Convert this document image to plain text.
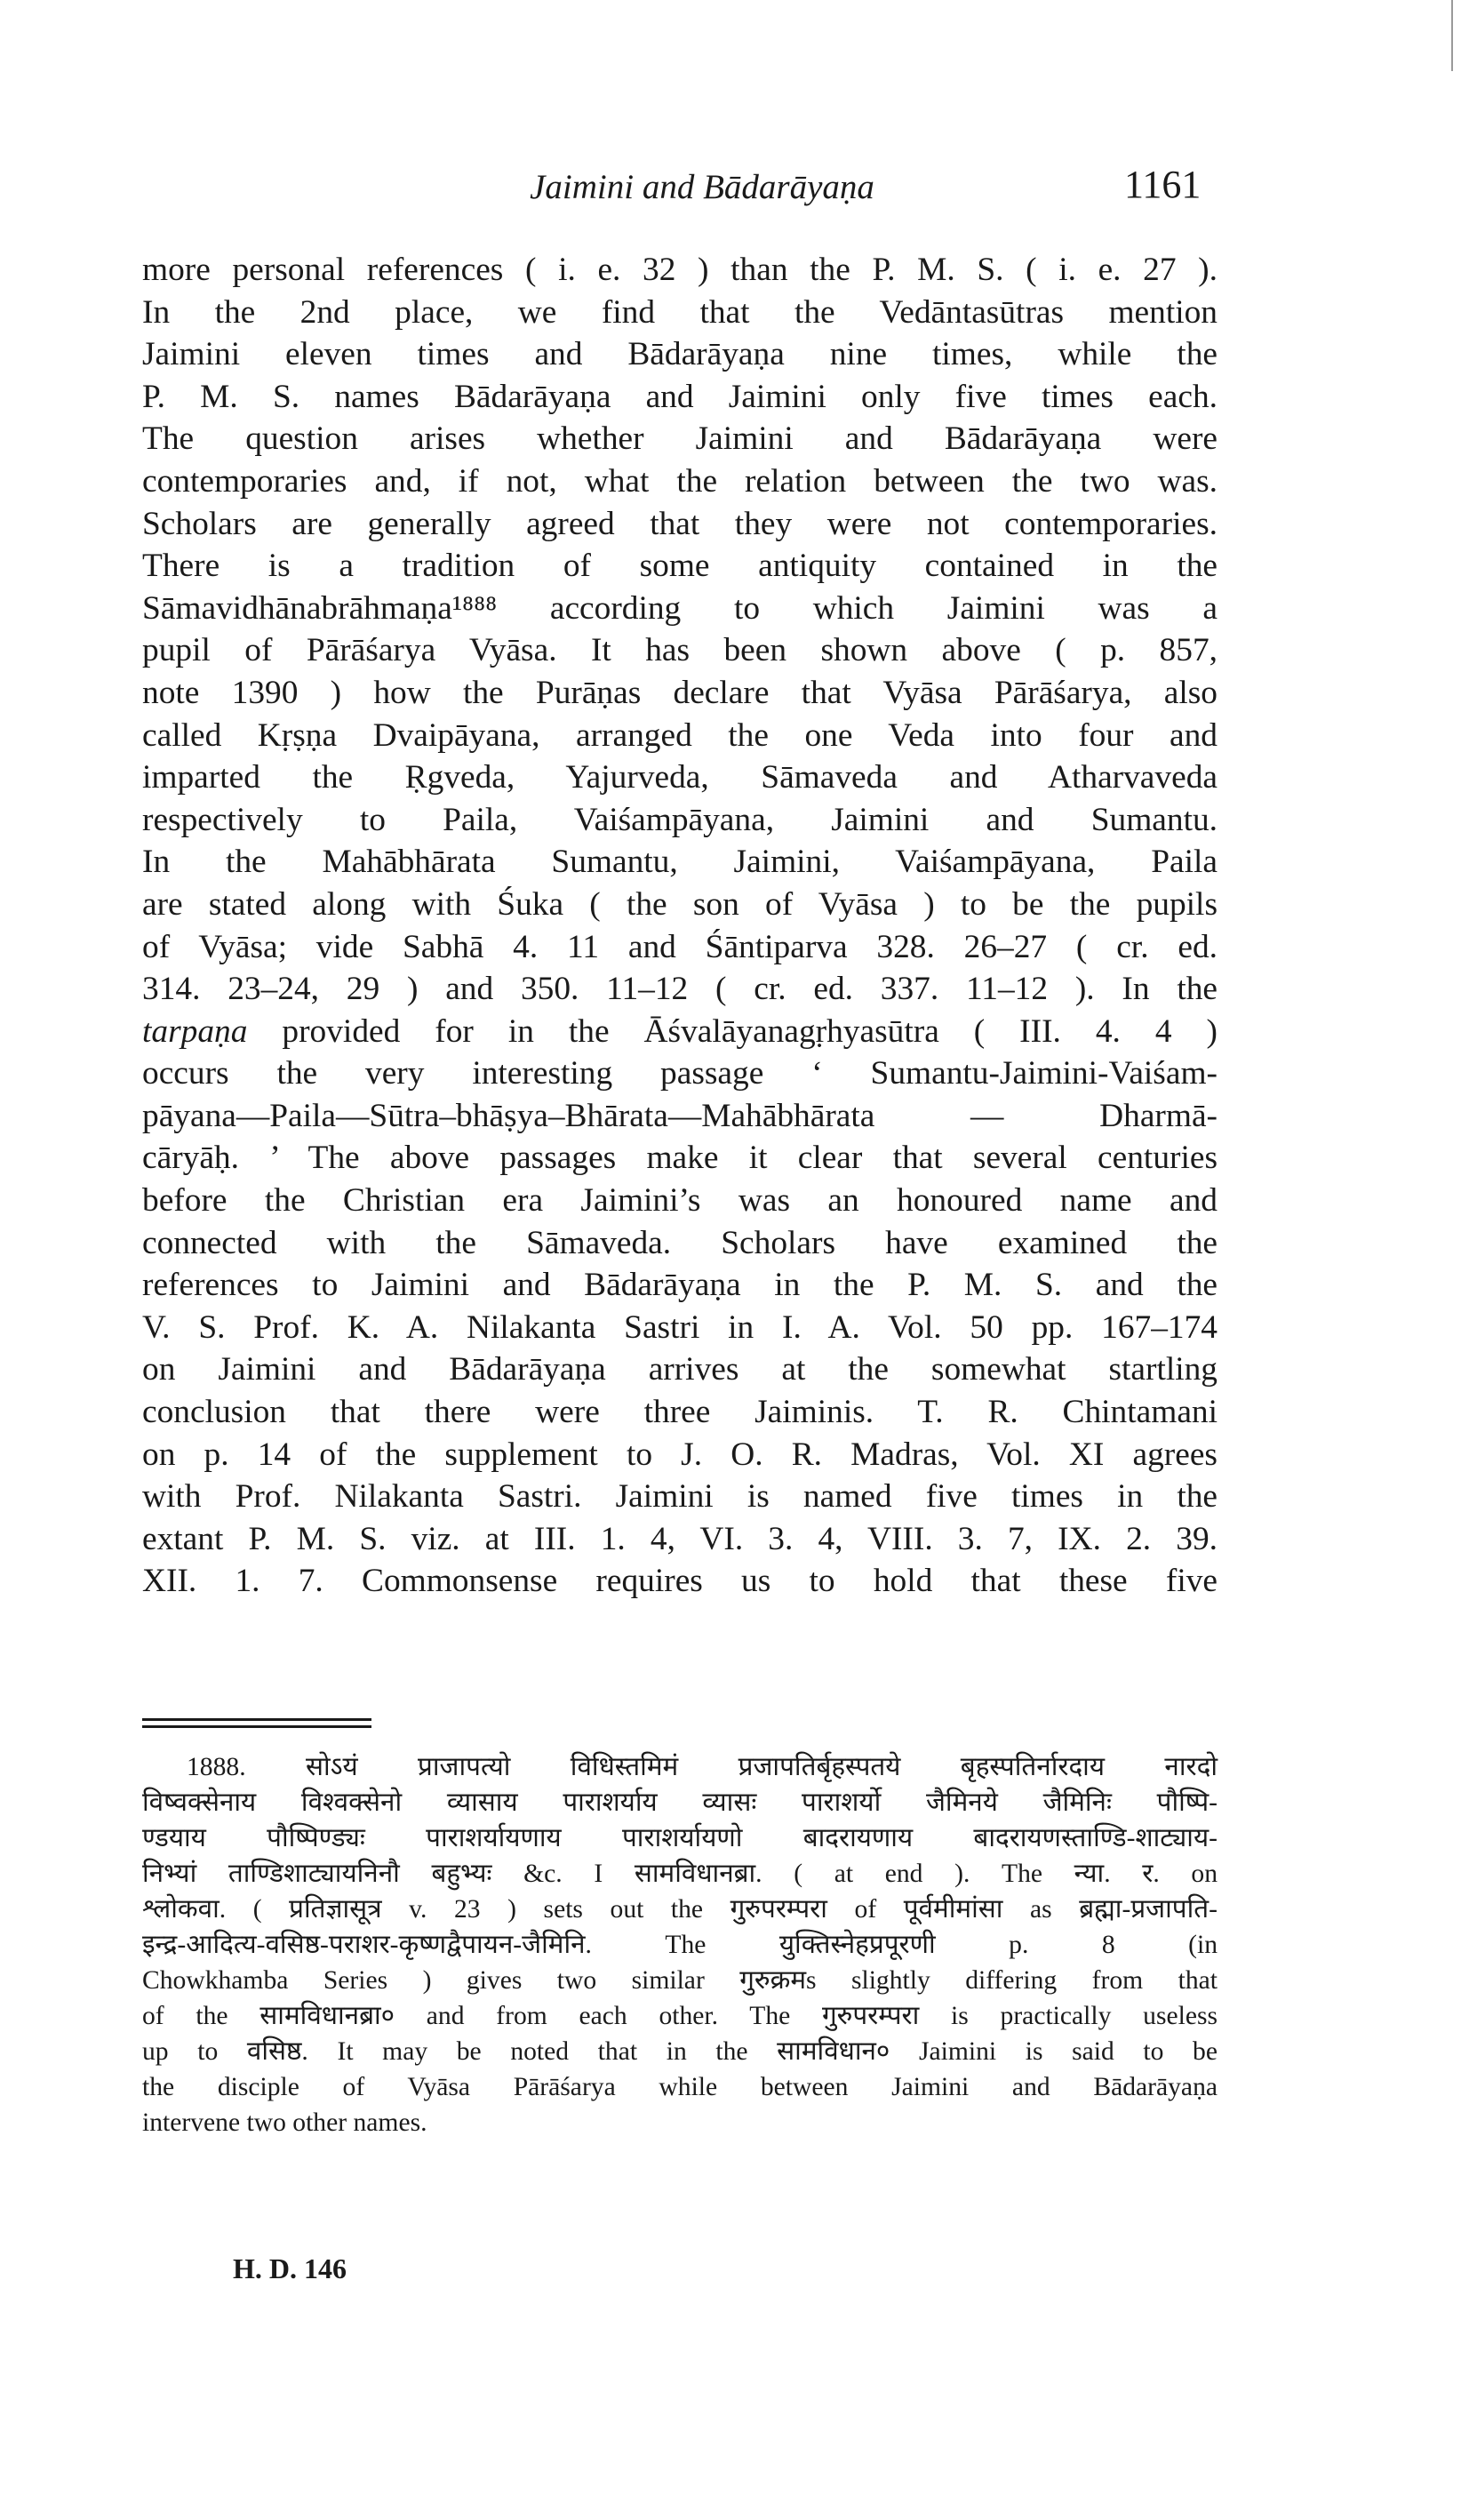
Jaimini and Bādarāyaṇa	1161

more personal references ( i. e. 32 ) than the P. M. S. ( i. e. 27 ).

In the 2nd place, we find that the Vedāntasūtras mention

Jaimini eleven times and Bādarāyaṇa nine times, while the

P. M. S. names Bādarāyaṇa and Jaimini only five times each.

The question arises whether Jaimini and Bādarāyaṇa were

contemporaries and, if not, what the relation between the two was.

Scholars are generally agreed that they were not contemporaries.

There is a tradition of some antiquity contained in the

Sāmavidhānabrāhmaṇa¹⁸⁸⁸ according to which Jaimini was a

pupil of Pārāśarya Vyāsa. It has been shown above ( p. 857,

note 1390 ) how the Purāṇas declare that Vyāsa Pārāśarya, also

called Kṛṣṇa Dvaipāyana, arranged the one Veda into four and

imparted the Ṛgveda, Yajurveda, Sāmaveda and Atharvaveda

respectively to Paila, Vaiśampāyana, Jaimini and Sumantu.

In the Mahābhārata Sumantu, Jaimini, Vaiśampāyana, Paila

are stated along with Śuka ( the son of Vyāsa ) to be the pupils

of Vyāsa; vide Sabhā 4. 11 and Śāntiparva 328. 26–27 ( cr. ed.

314. 23–24, 29 ) and 350. 11–12 ( cr. ed. 337. 11–12 ). In the

tarpaṇa provided for in the Āśvalāyanagṛhyasūtra ( III. 4. 4 )

occurs the very interesting passage ‘ Sumantu-Jaimini-Vaiśam-

pāyana—Paila—Sūtra–bhāṣya–Bhārata—Mahābhārata — Dharmā-

cāryāḥ. ’ The above passages make it clear that several centuries

before the Christian era Jaimini’s was an honoured name and

connected with the Sāmaveda. Scholars have examined the

references to Jaimini and Bādarāyaṇa in the P. M. S. and the

V. S. Prof. K. A. Nilakanta Sastri in I. A. Vol. 50 pp. 167–174

on Jaimini and Bādarāyaṇa arrives at the somewhat startling

conclusion that there were three Jaiminis. T. R. Chintamani

on p. 14 of the supplement to J. O. R. Madras, Vol. XI agrees

with Prof. Nilakanta Sastri. Jaimini is named five times in the

extant P. M. S. viz. at III. 1. 4, VI. 3. 4, VIII. 3. 7, IX. 2. 39.

XII. 1. 7. Commonsense requires us to hold that these five

1888. सोऽयं प्राजापत्यो विधिस्तमिमं प्रजापतिर्बृहस्पतये बृहस्पतिर्नारदाय नारदो

विष्वक्सेनाय विश्वक्सेनो व्यासाय पाराशर्याय व्यासः पाराशर्यो जैमिनये जैमिनिः पौष्पि-

ण्डयाय पौष्पिण्ड्यः पाराशर्यायणाय पाराशर्यायणो बादरायणाय बादरायणस्ताण्डि-शाट्याय-

निभ्यां ताण्डिशाट्यायनिनौ बहुभ्यः &c. I सामविधानब्रा. ( at end ). The न्या. र. on

श्लोकवा. ( प्रतिज्ञासूत्र v. 23 ) sets out the गुरुपरम्परा of पूर्वमीमांसा as ब्रह्मा-प्रजापति-

इन्द्र-आदित्य-वसिष्ठ-पराशर-कृष्णद्वैपायन-जैमिनि. The युक्तिस्नेहप्रपूरणी p. 8 (in

Chowkhamba Series ) gives two similar गुरुक्रमs slightly differing from that

of the सामविधानब्रा० and from each other. The गुरुपरम्परा is practically useless

up to वसिष्ठ. It may be noted that in the सामविधान० Jaimini is said to be

the disciple of Vyāsa Pārāśarya while between Jaimini and Bādarāyaṇa

intervene two other names.

H. D. 146
